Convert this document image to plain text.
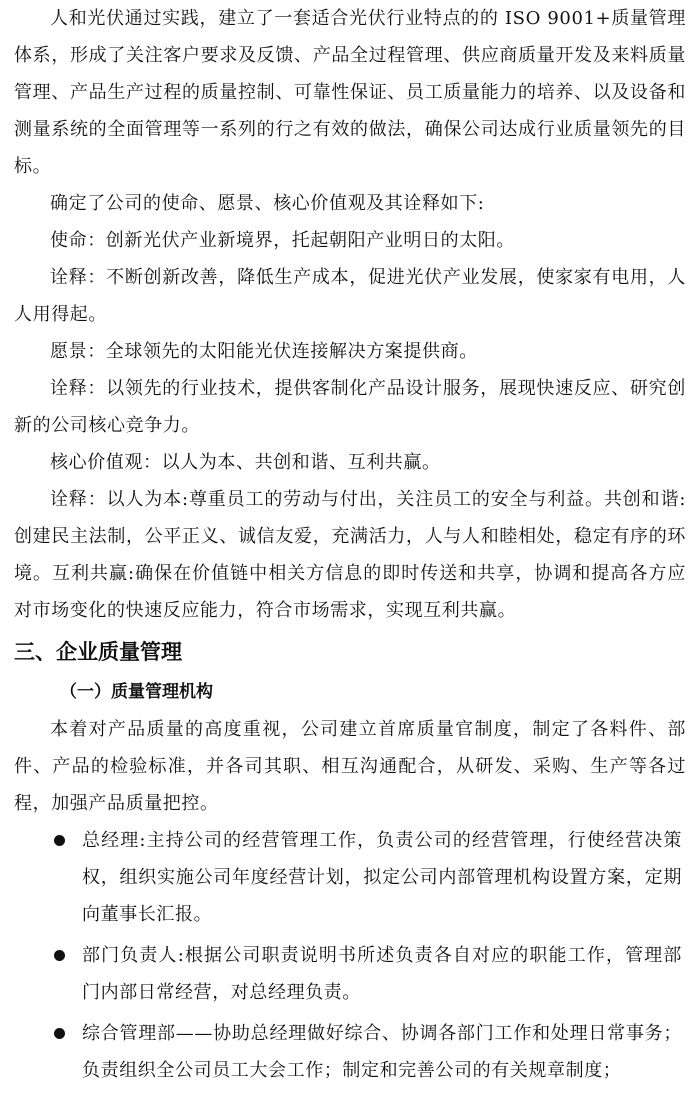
人和光伏通过实践，建立了一套适合光伏行业特点的的 ISO 9001+质量管理体系，形成了关注客户要求及反馈、产品全过程管理、供应商质量开发及来料质量管理、产品生产过程的质量控制、可靠性保证、员工质量能力的培养、以及设备和测量系统的全面管理等一系列的行之有效的做法，确保公司达成行业质量领先的目标。

确定了公司的使命、愿景、核心价值观及其诠释如下:

使命：创新光伏产业新境界，托起朝阳产业明日的太阳。

诠释：不断创新改善，降低生产成本，促进光伏产业发展，使家家有电用，人人用得起。

愿景：全球领先的太阳能光伏连接解决方案提供商。

诠释：以领先的行业技术，提供客制化产品设计服务，展现快速反应、研究创新的公司核心竞争力。

核心价值观：以人为本、共创和谐、互利共赢。

诠释：以人为本:尊重员工的劳动与付出，关注员工的安全与利益。共创和谐:创建民主法制，公平正义、诚信友爱，充满活力，人与人和睦相处，稳定有序的环境。互利共赢:确保在价值链中相关方信息的即时传送和共享，协调和提高各方应对市场变化的快速反应能力，符合市场需求，实现互利共赢。

三、企业质量管理
（一）质量管理机构

本着对产品质量的高度重视，公司建立首席质量官制度，制定了各料件、部件、产品的检验标准，并各司其职、相互沟通配合，从研发、采购、生产等各过程，加强产品质量把控。

总经理:主持公司的经营管理工作，负责公司的经营管理，行使经营决策权，组织实施公司年度经营计划，拟定公司内部管理机构设置方案，定期向董事长汇报。
部门负责人:根据公司职责说明书所述负责各自对应的职能工作，管理部门内部日常经营，对总经理负责。
综合管理部——协助总经理做好综合、协调各部门工作和处理日常事务；负责组织全公司员工大会工作；制定和完善公司的有关规章制度；
